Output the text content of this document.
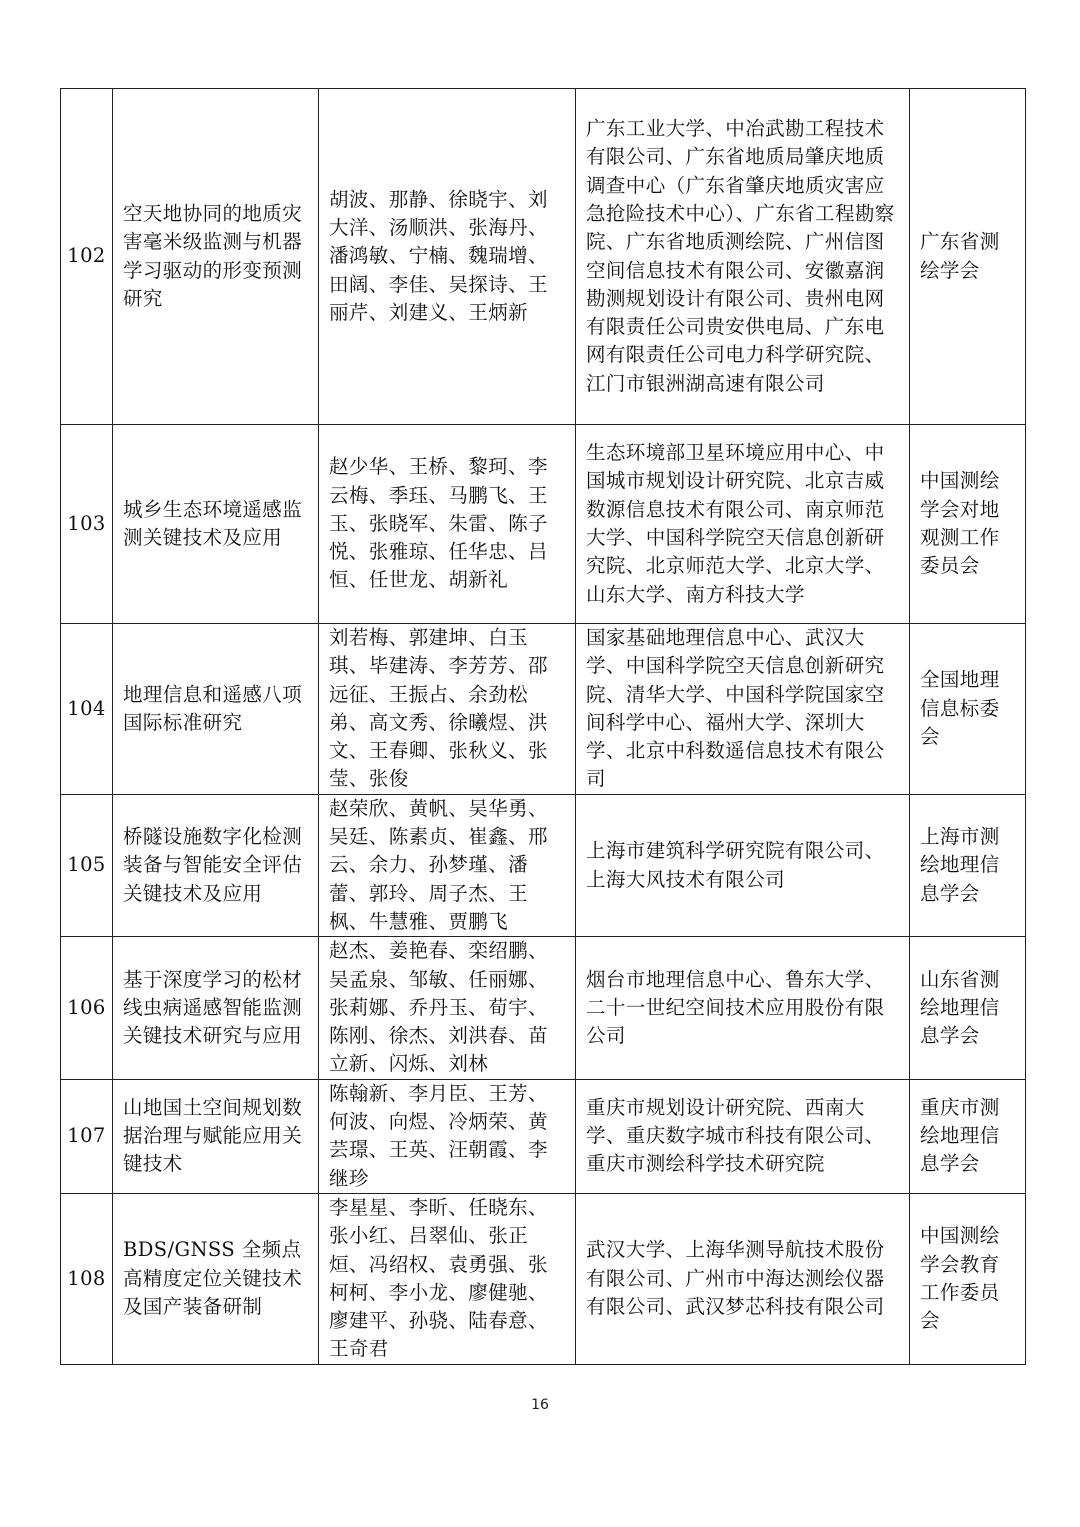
102	空天地协同的地质灾害毫米级监测与机器学习驱动的形变预测研究	胡波、那静、徐晓宇、刘大洋、汤顺洪、张海丹、潘鸿敏、宁楠、魏瑞增、田阔、李佳、吴探诗、王丽芹、刘建义、王炳新	广东工业大学、中冶武勘工程技术有限公司、广东省地质局肇庆地质调查中心（广东省肇庆地质灾害应急抢险技术中心）、广东省工程勘察院、广东省地质测绘院、广州信图空间信息技术有限公司、安徽嘉润勘测规划设计有限公司、贵州电网有限责任公司贵安供电局、广东电网有限责任公司电力科学研究院、江门市银洲湖高速有限公司	广东省测绘学会
103	城乡生态环境遥感监测关键技术及应用	赵少华、王桥、黎珂、李云梅、季珏、马鹏飞、王玉、张晓军、朱雷、陈子悦、张雅琼、任华忠、吕恒、任世龙、胡新礼	生态环境部卫星环境应用中心、中国城市规划设计研究院、北京吉威数源信息技术有限公司、南京师范大学、中国科学院空天信息创新研究院、北京师范大学、北京大学、山东大学、南方科技大学	中国测绘学会对地观测工作委员会
104	地理信息和遥感八项国际标准研究	刘若梅、郭建坤、白玉琪、毕建涛、李芳芳、邵远征、王振占、余劲松弟、高文秀、徐曦煜、洪文、王春卿、张秋义、张莹、张俊	国家基础地理信息中心、武汉大学、中国科学院空天信息创新研究院、清华大学、中国科学院国家空间科学中心、福州大学、深圳大学、北京中科数遥信息技术有限公司	全国地理信息标委会
105	桥隧设施数字化检测装备与智能安全评估关键技术及应用	赵荣欣、黄帆、吴华勇、吴廷、陈素贞、崔鑫、邢云、余力、孙梦瑾、潘蕾、郭玲、周子杰、王枫、牛慧雅、贾鹏飞	上海市建筑科学研究院有限公司、上海大风技术有限公司	上海市测绘地理信息学会
106	基于深度学习的松材线虫病遥感智能监测关键技术研究与应用	赵杰、姜艳春、栾绍鹏、吴孟泉、邹敏、任丽娜、张莉娜、乔丹玉、荀宇、陈刚、徐杰、刘洪春、苗立新、闪烁、刘林	烟台市地理信息中心、鲁东大学、二十一世纪空间技术应用股份有限公司	山东省测绘地理信息学会
107	山地国土空间规划数据治理与赋能应用关键技术	陈翰新、李月臣、王芳、何波、向煜、冷炳荣、黄芸璟、王英、汪朝霞、李继珍	重庆市规划设计研究院、西南大学、重庆数字城市科技有限公司、重庆市测绘科学技术研究院	重庆市测绘地理信息学会
108	BDS/GNSS 全频点高精度定位关键技术及国产装备研制	李星星、李昕、任晓东、张小红、吕翠仙、张正烜、冯绍权、袁勇强、张柯柯、李小龙、廖健驰、廖建平、孙骁、陆春意、王奇君	武汉大学、上海华测导航技术股份有限公司、广州市中海达测绘仪器有限公司、武汉梦芯科技有限公司	中国测绘学会教育工作委员会
16
